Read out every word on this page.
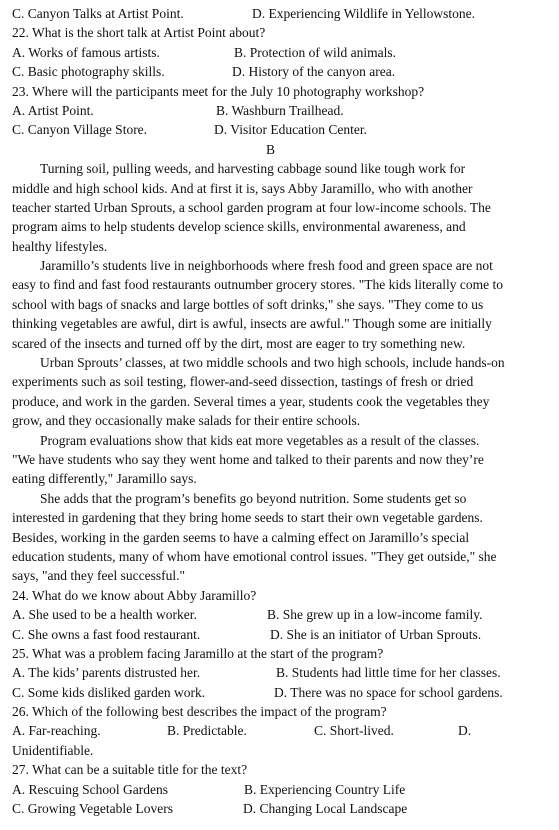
C. Canyon Talks at Artist Point.	D. Experiencing Wildlife in Yellowstone.
22. What is the short talk at Artist Point about?
A. Works of famous artists.	B. Protection of wild animals.
C. Basic photography skills.	D. History of the canyon area.
23. Where will the participants meet for the July 10 photography workshop?
A. Artist Point.	B. Washburn Trailhead.
C. Canyon Village Store.	D. Visitor Education Center.
B
Turning soil, pulling weeds, and harvesting cabbage sound like tough work for
middle and high school kids. And at first it is, says Abby Jaramillo, who with another
teacher started Urban Sprouts, a school garden program at four low-income schools. The
program aims to help students develop science skills, environmental awareness, and
healthy lifestyles.
Jaramillo’s students live in neighborhoods where fresh food and green space are not
easy to find and fast food restaurants outnumber grocery stores. "The kids literally come to
school with bags of snacks and large bottles of soft drinks," she says. "They come to us
thinking vegetables are awful, dirt is awful, insects are awful." Though some are initially
scared of the insects and turned off by the dirt, most are eager to try something new.
Urban Sprouts’ classes, at two middle schools and two high schools, include hands-on
experiments such as soil testing, flower-and-seed dissection, tastings of fresh or dried
produce, and work in the garden. Several times a year, students cook the vegetables they
grow, and they occasionally make salads for their entire schools.
Program evaluations show that kids eat more vegetables as a result of the classes.
"We have students who say they went home and talked to their parents and now they’re
eating differently," Jaramillo says.
She adds that the program’s benefits go beyond nutrition. Some students get so
interested in gardening that they bring home seeds to start their own vegetable gardens.
Besides, working in the garden seems to have a calming effect on Jaramillo’s special
education students, many of whom have emotional control issues. "They get outside," she
says, "and they feel successful."
24. What do we know about Abby Jaramillo?
A. She used to be a health worker.	B. She grew up in a low-income family.
C. She owns a fast food restaurant.	D. She is an initiator of Urban Sprouts.
25. What was a problem facing Jaramillo at the start of the program?
A. The kids’ parents distrusted her.	B. Students had little time for her classes.
C. Some kids disliked garden work.	D. There was no space for school gardens.
26. Which of the following best describes the impact of the program?
A. Far-reaching.	B. Predictable.	C. Short-lived.	D.
Unidentifiable.
27. What can be a suitable title for the text?
A. Rescuing School Gardens	B. Experiencing Country Life
C. Growing Vegetable Lovers	D. Changing Local Landscape
